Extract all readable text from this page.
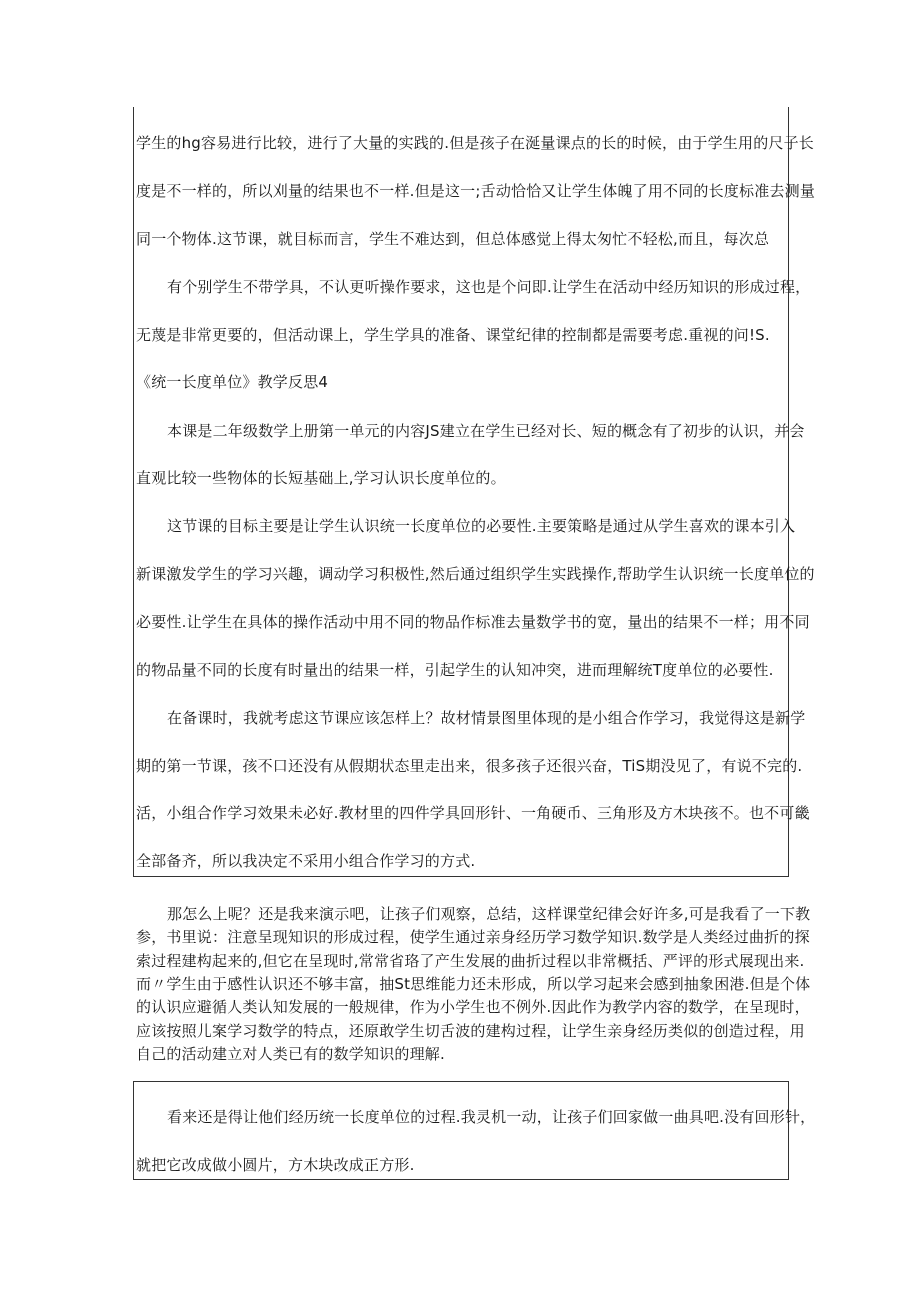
学生的hg容易进行比较，进行了大量的实践的.但是孩子在涎量课点的长的时候，由于学生用的尺子长
度是不一样的，所以刈量的结果也不一样.但是这一;舌动恰恰又让学生体魄了用不同的长度标准去测量
同一个物体.这节课，就目标而言，学生不难达到，但总体感觉上得太匆忙不轻松,而且，每次总
有个别学生不带学具，不认更听操作要求，这也是个问即.让学生在活动中经历知识的形成过程，
无蔑是非常更要的，但活动课上，学生学具的准备、课堂纪律的控制都是需要考虑.重视的问!S.
《统一长度单位》教学反思4
本课是二年级数学上册第一单元的内容JS建立在学生已经对长、短的概念有了初步的认识，并会
直观比较一些物体的长短基础上,学习认识长度单位的。
这节课的目标主要是让学生认识统一长度单位的必要性.主要策略是通过从学生喜欢的课本引入
新课激发学生的学习兴趣，调动学习积极性,然后通过组织学生实践操作,帮助学生认识统一长度单位的
必要性.让学生在具体的操作活动中用不同的物品作标准去量数学书的宽，量出的结果不一样；用不同
的物品量不同的长度有时量出的结果一样，引起学生的认知冲突，进而理解统T度单位的必要性.
在备课时，我就考虑这节课应该怎样上？故材情景图里体现的是小组合作学习，我觉得这是新学
期的第一节课，孩不口还没有从假期状态里走出来，很多孩子还很兴奋，TiS期没见了，有说不完的.
活，小组合作学习效果未必好.教材里的四件学具回形针、一角硬币、三角形及方木块孩不。也不可畿
全部备齐，所以我决定不采用小组合作学习的方式.
那怎么上呢？还是我来演示吧，让孩子们观察，总结，这样课堂纪律会好许多,可是我看了一下教
参，书里说：注意呈现知识的形成过程，使学生通过亲身经历学习数学知识.数学是人类经过曲折的探
索过程建构起来的,但它在呈现时,常常省珞了产生发展的曲折过程以非常概括、严评的形式展现出来.
而〃学生由于感性认识还不够丰富，抽St思维能力还未形成，所以学习起来会感到抽象困港.但是个体
的认识应避循人类认知发展的一般规律，作为小学生也不例外.因此作为教学内容的数学，在呈现时，
应该按照儿案学习数学的特点，还原敢学生切舌波的建构过程，让学生亲身经历类似的创造过程，用
自己的活动建立对人类已有的数学知识的理解.
看来还是得让他们经历统一长度单位的过程.我灵机一动，让孩子们回家做一曲具吧.没有回形针，
就把它改成做小圆片，方木块改成正方形.
